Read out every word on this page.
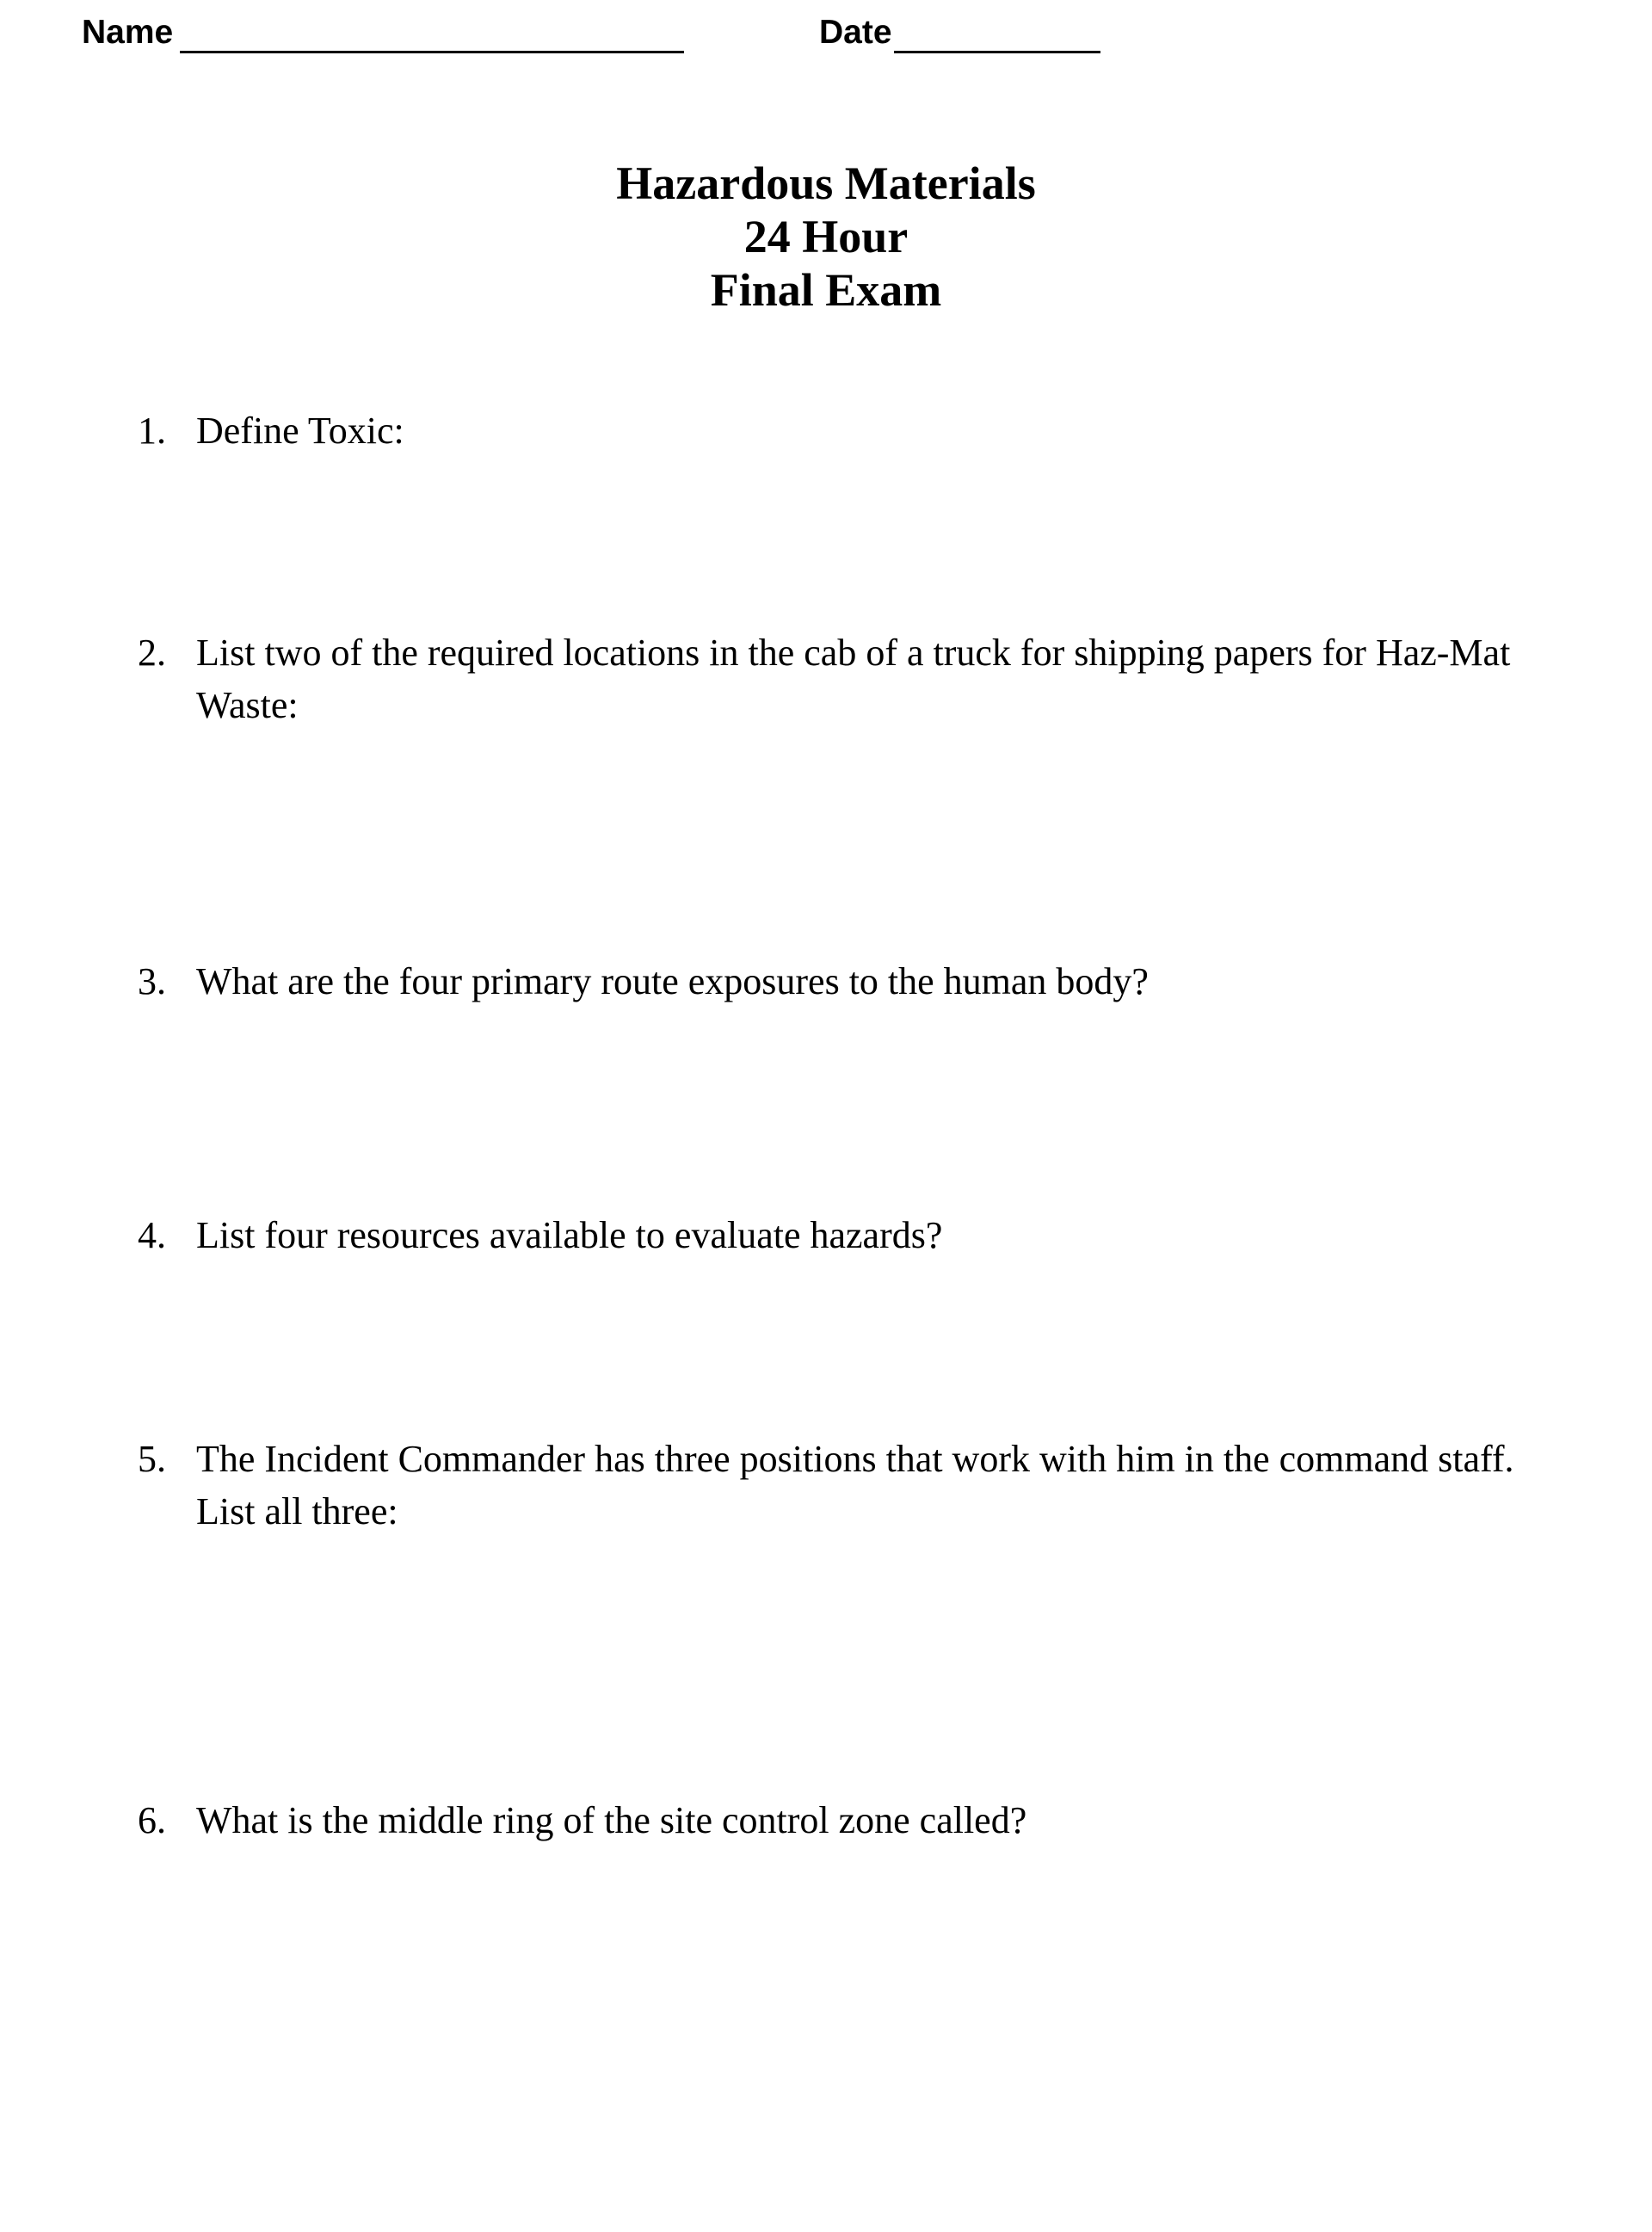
Name	Date
Hazardous Materials
24 Hour
Final Exam
1. Define Toxic:
2. List two of the required locations in the cab of a truck for shipping papers for Haz-Mat Waste:
3. What are the four primary route exposures to the human body?
4. List four resources available to evaluate hazards?
5. The Incident Commander has three positions that work with him in the command staff. List all three:
6. What is the middle ring of the site control zone called?
